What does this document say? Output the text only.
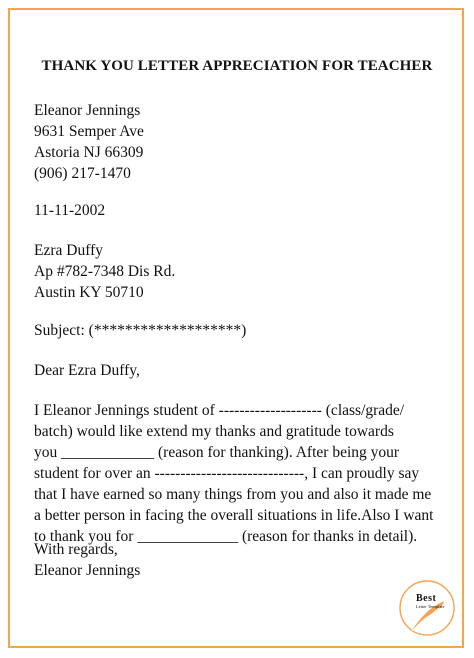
THANK YOU LETTER APPRECIATION FOR TEACHER
Eleanor Jennings
9631 Semper Ave
Astoria NJ 66309
(906) 217-1470
11-11-2002
Ezra Duffy
Ap #782-7348 Dis Rd.
Austin KY 50710
Subject: (*******************)
Dear Ezra Duffy,
I Eleanor Jennings student of -------------------- (class/grade/
batch) would like extend my thanks and gratitude towards
you ____________ (reason for thanking). After being your
student for over an -----------------------------, I can proudly say
that I have earned so many things from you and also it made me
a better person in facing the overall situations in life.Also I want
to thank you for _____________ (reason for thanks in detail).
With regards,
Eleanor Jennings
Best
Letter Template
